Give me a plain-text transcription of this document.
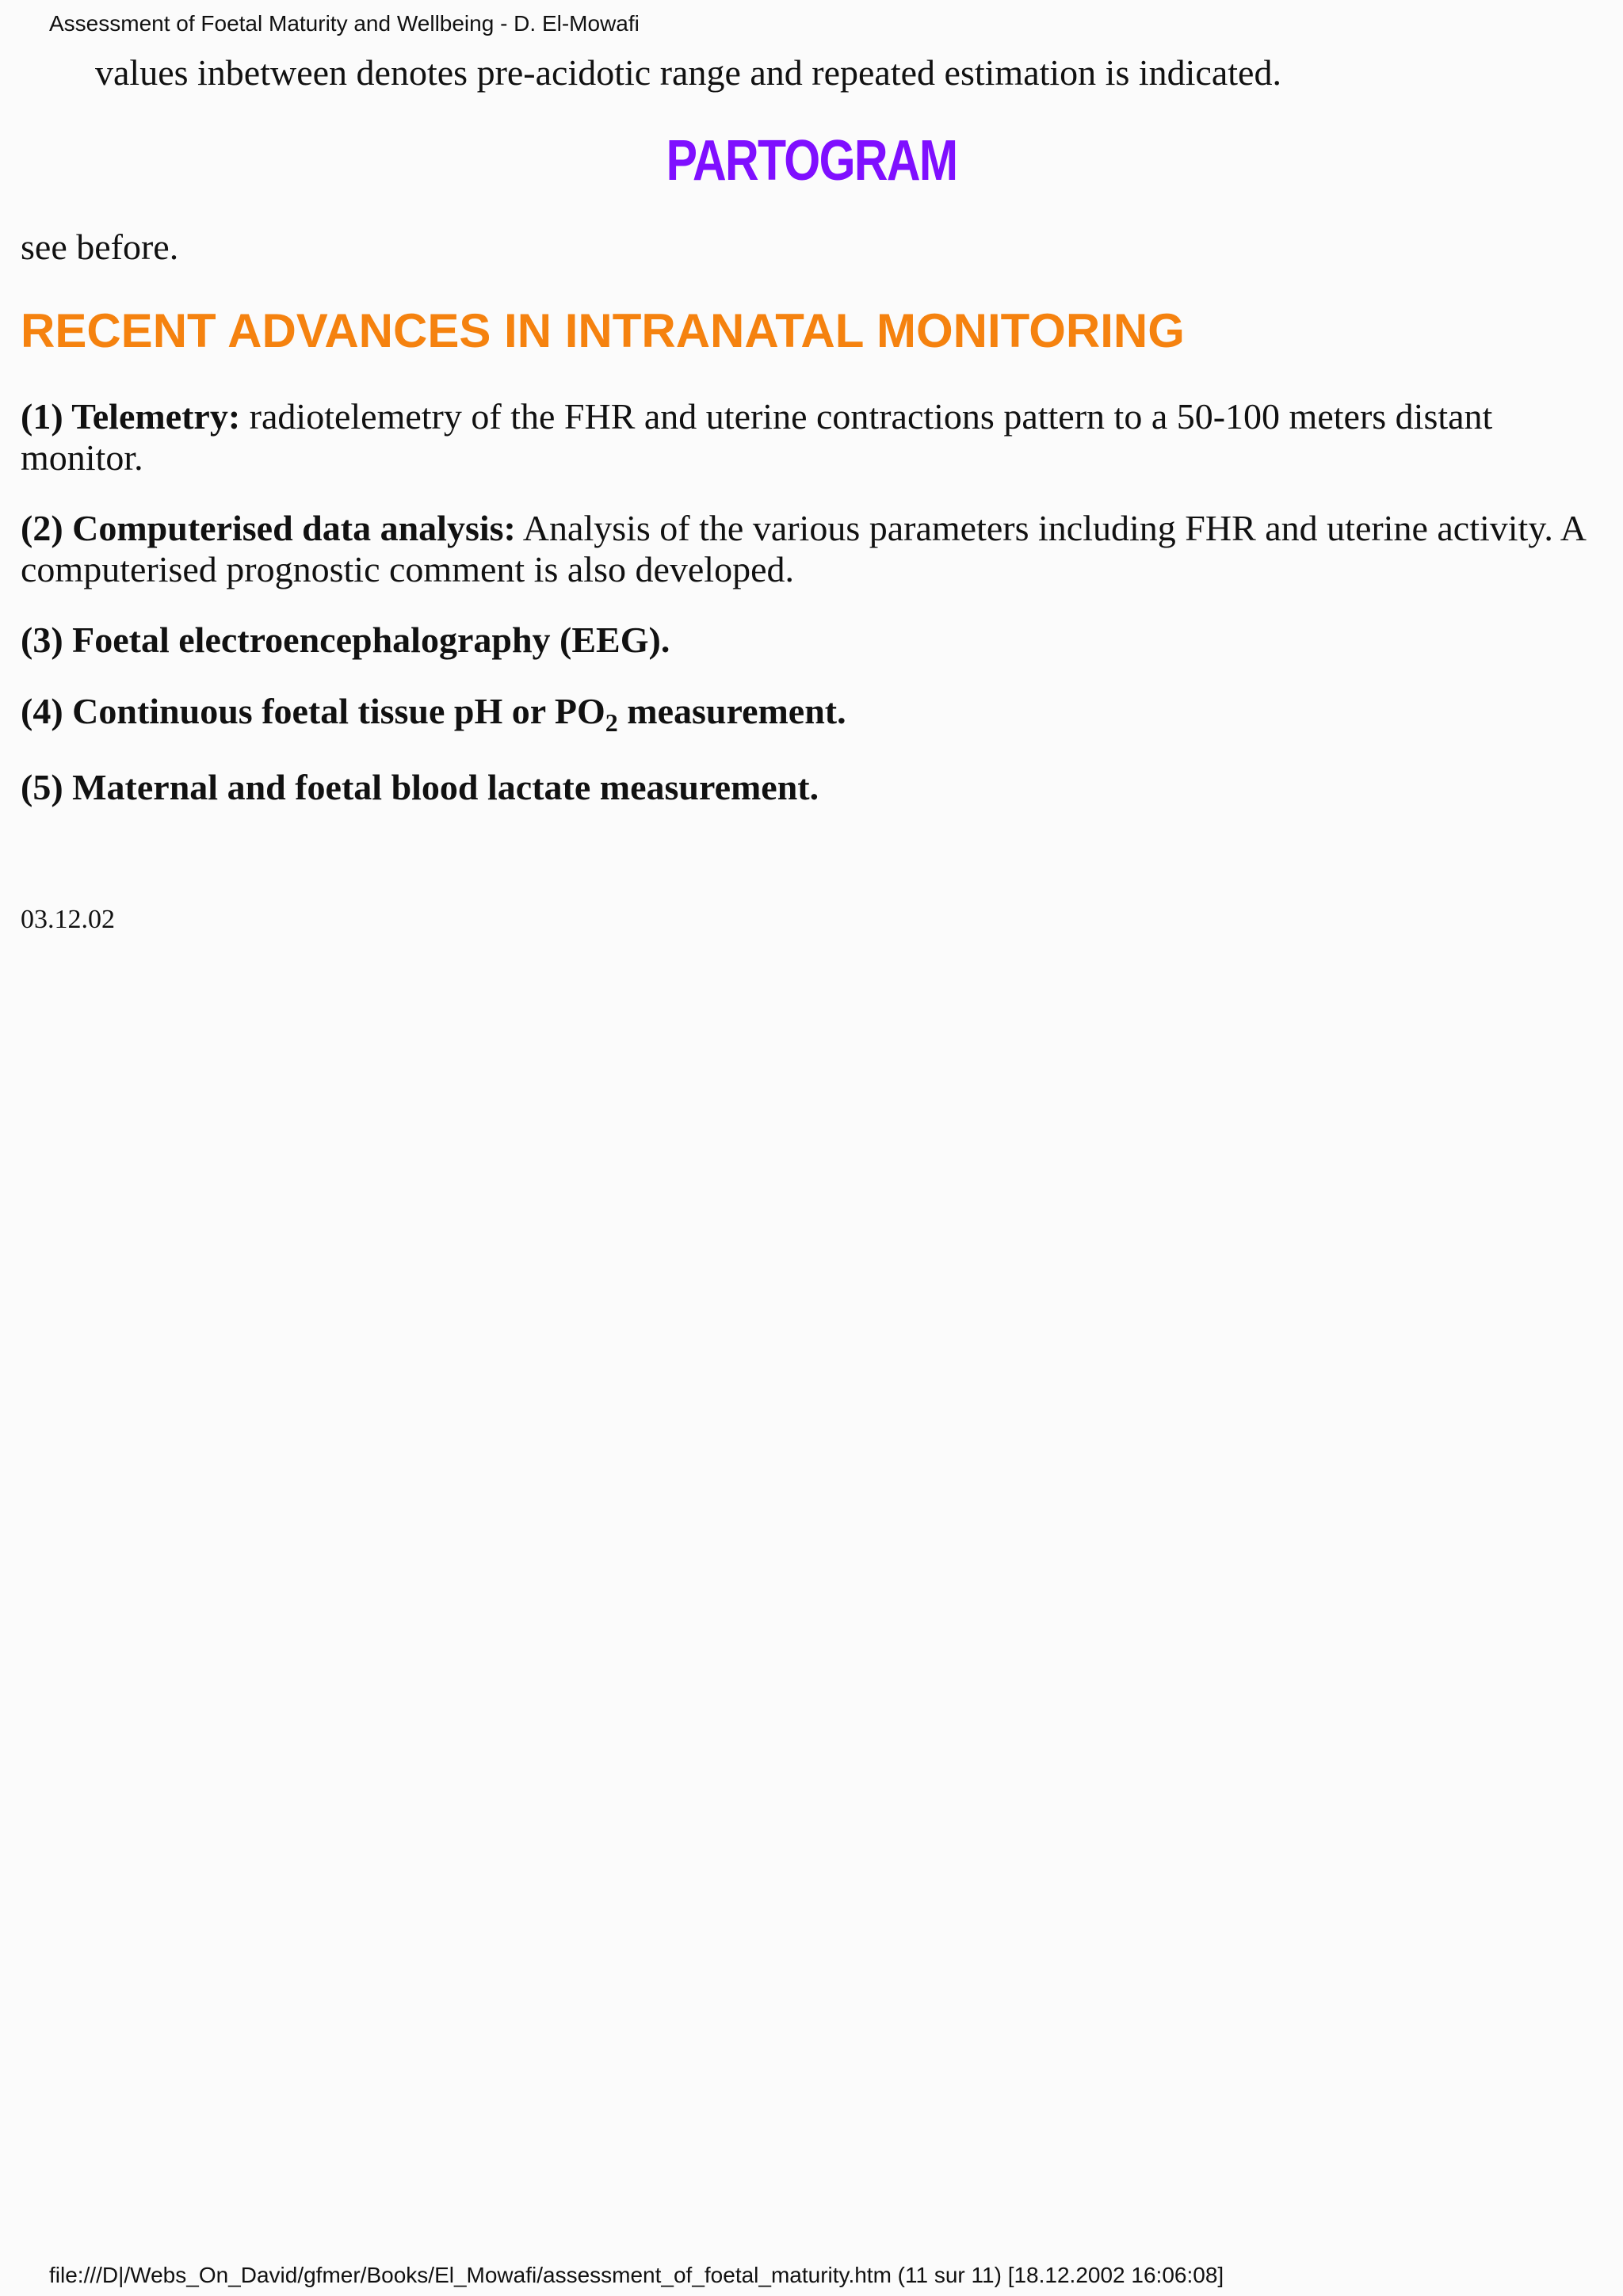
Assessment of Foetal Maturity and Wellbeing - D. El-Mowafi
values inbetween denotes pre-acidotic range and repeated estimation is indicated.
PARTOGRAM
see before.
RECENT ADVANCES IN INTRANATAL MONITORING
(1) Telemetry: radiotelemetry of the FHR and uterine contractions pattern to a 50-100 meters distant monitor.
(2) Computerised data analysis: Analysis of the various parameters including FHR and uterine activity. A computerised prognostic comment is also developed.
(3) Foetal electroencephalography (EEG).
(4) Continuous foetal tissue pH or $PO_2$ measurement.
(5) Maternal and foetal blood lactate measurement.
03.12.02
file:///D|/Webs_On_David/gfmer/Books/El_Mowafi/assessment_of_foetal_maturity.htm (11 sur 11) [18.12.2002 16:06:08]
